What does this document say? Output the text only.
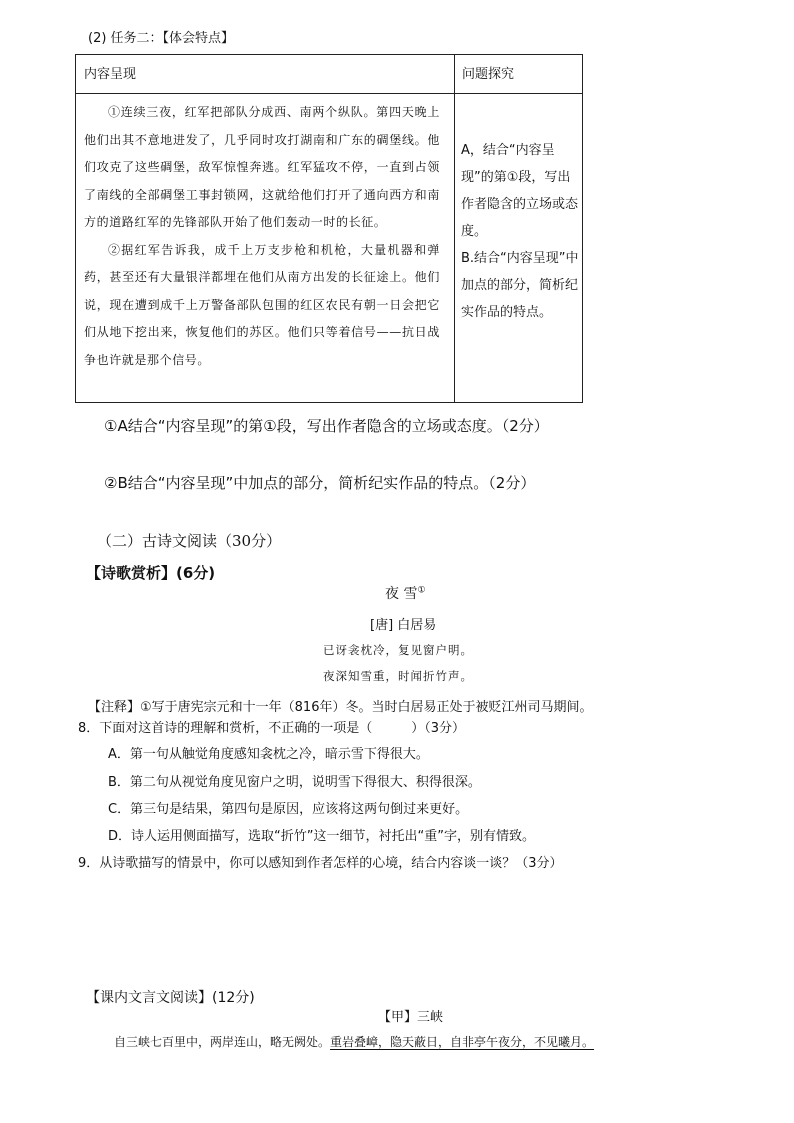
(2) 任务二：【体会特点】
内容呈现	问题探究

①连续三夜，红军把部队分成西、南两个纵队。第四天晚上他们出其不意地进发了，几乎同时攻打湖南和广东的碉堡线。他们攻克了这些碉堡，敌军惊惶奔逃。红军猛攻不停，一直到占领了南线的全部碉堡工事封锁网，这就给他们打开了通向西方和南方的道路红军的先锋部队开始了他们轰动一时的长征。

②据红军告诉我，成千上万支步枪和机枪，大量机器和弹药，甚至还有大量银洋都埋在他们从南方出发的长征途上。他们说，现在遭到成千上万警备部队包围的红区农民有朝一日会把它们从地下挖出来，恢复他们的苏区。他们只等着信号——抗日战争也许就是那个信号。

A，结合“内容呈现”的第①段，写出作者隐含的立场或态度。

B.结合“内容呈现”中加点的部分，简析纪实作品的特点。

①A结合“内容呈现”的第①段，写出作者隐含的立场或态度。（2分）
②B结合“内容呈现”中加点的部分，简析纪实作品的特点。（2分）
（二）古诗文阅读（30分）
【诗歌赏析】(6分)
夜 雪①
[唐] 白居易
已讶衾枕冷，复见窗户明。
夜深知雪重，时闻折竹声。
【注释】①写于唐宪宗元和十一年（816年）冬。当时白居易正处于被贬江州司马期间。
8．下面对这首诗的理解和赏析，不正确的一项是（　　　）（3分）
A．第一句从触觉角度感知衾枕之冷，暗示雪下得很大。
B．第二句从视觉角度见窗户之明，说明雪下得很大、积得很深。
C．第三句是结果，第四句是原因，应该将这两句倒过来更好。
D．诗人运用侧面描写，选取“折竹”这一细节，衬托出“重”字，别有情致。
9．从诗歌描写的情景中，你可以感知到作者怎样的心境，结合内容谈一谈？（3分）
【课内文言文阅读】(12分)
【甲】三峡
自三峡七百里中，两岸连山，略无阙处。重岩叠嶂，隐天蔽日，自非亭午夜分，不见曦月。
